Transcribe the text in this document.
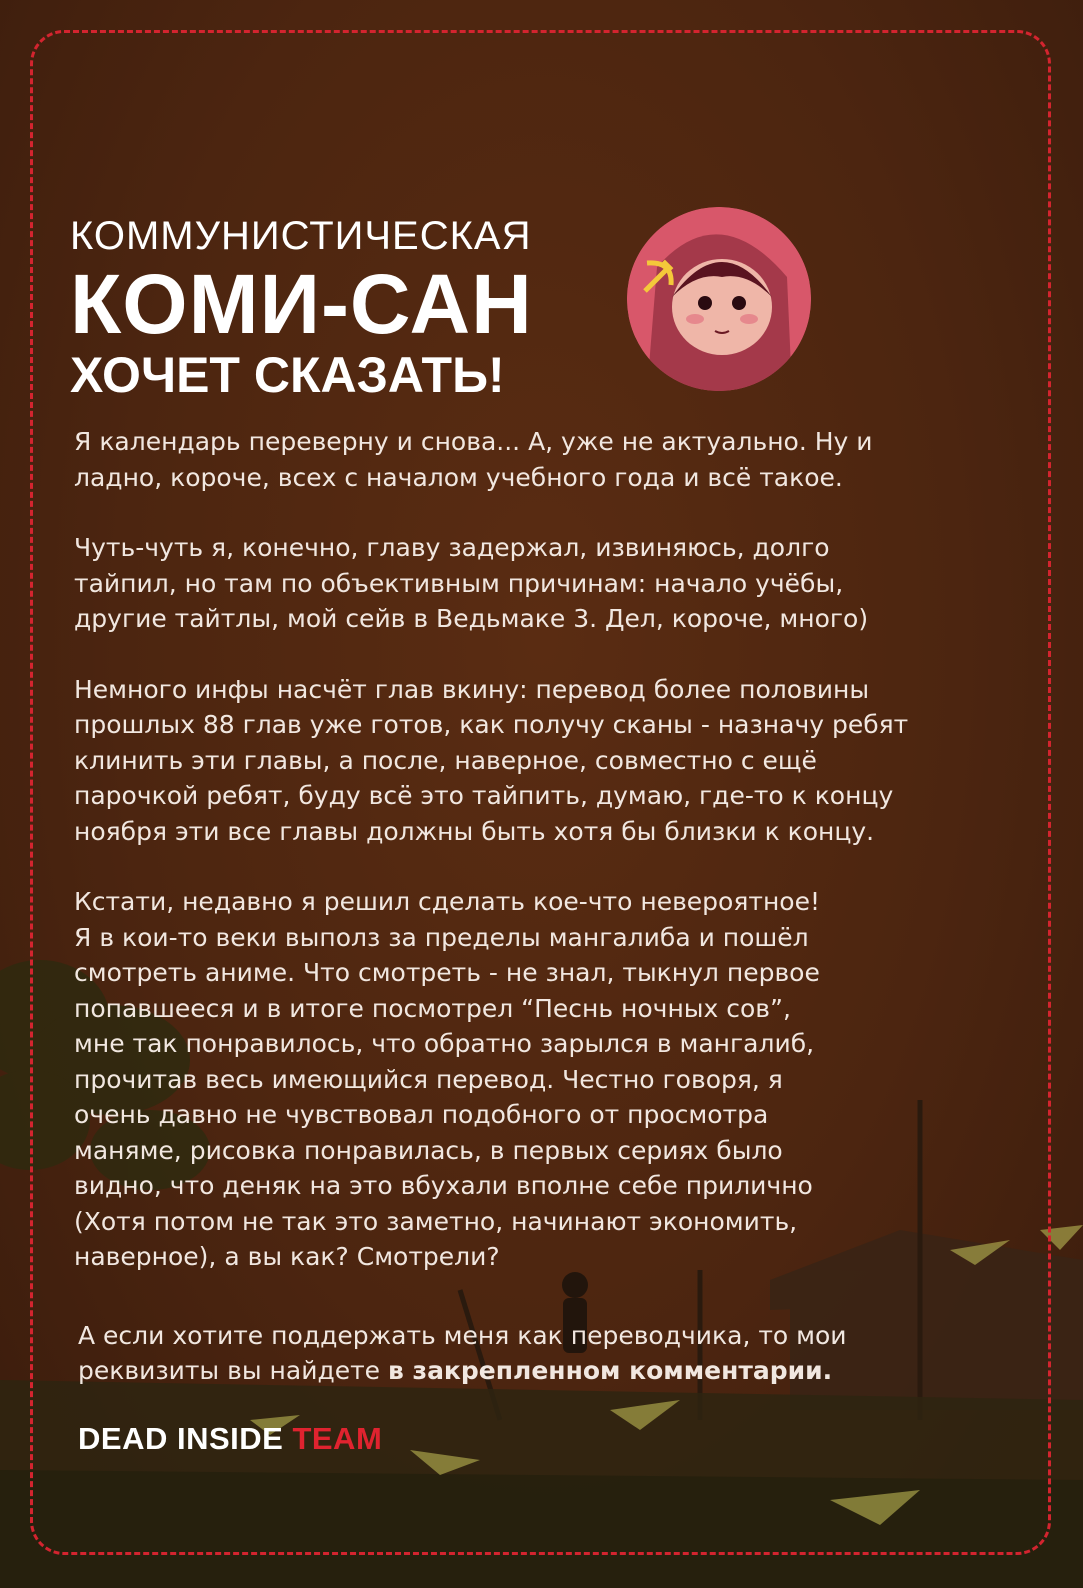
КОММУНИСТИЧЕСКАЯ
КОМИ-САН
ХОЧЕТ СКАЗАТЬ!

Я календарь переверну и снова... А, уже не актуально. Ну и
ладно, короче, всех с началом учебного года и всё такое.

Чуть-чуть я, конечно, главу задержал, извиняюсь, долго
тайпил, но там по объективным причинам: начало учёбы,
другие тайтлы, мой сейв в Ведьмаке 3. Дел, короче, много)

Немного инфы насчёт глав вкину: перевод более половины
прошлых 88 глав уже готов, как получу сканы - назначу ребят
клинить эти главы, а после, наверное, совместно с ещё
парочкой ребят, буду всё это тайпить, думаю, где-то к концу
ноября эти все главы должны быть хотя бы близки к концу.

Кстати, недавно я решил сделать кое-что невероятное!
Я в кои-то веки выполз за пределы мангалиба и пошёл
смотреть аниме. Что смотреть - не знал, тыкнул первое
попавшееся и в итоге посмотрел “Песнь ночных сов”,
мне так понравилось, что обратно зарылся в мангалиб,
прочитав весь имеющийся перевод. Честно говоря, я
очень давно не чувствовал подобного от просмотра
маняме, рисовка понравилась, в первых сериях было
видно, что деняк на это вбухали вполне себе прилично
(Хотя потом не так это заметно, начинают экономить,
наверное), а вы как? Смотрели?

А если хотите поддержать меня как переводчика, то мои
реквизиты вы найдете в закрепленном комментарии.
DEAD INSIDE TEAM
